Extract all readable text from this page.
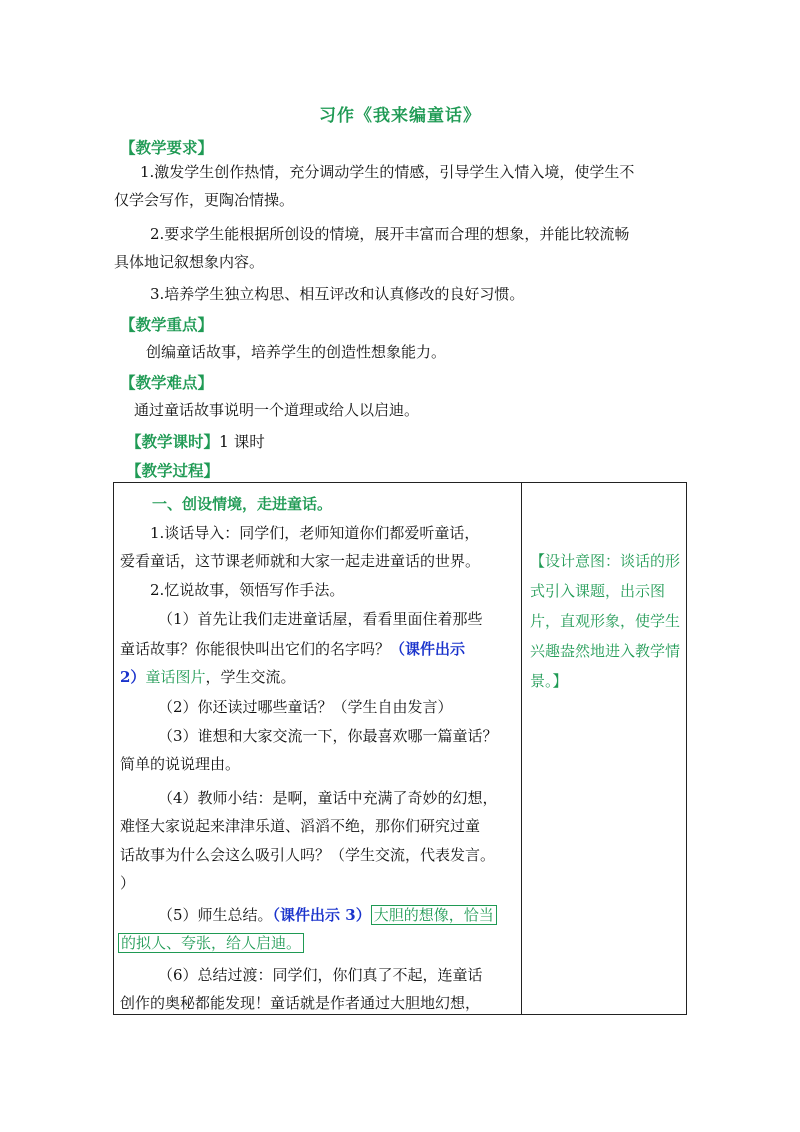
习作《我来编童话》
【教学要求】
1.激发学生创作热情，充分调动学生的情感，引导学生入情入境，使学生不
仅学会写作，更陶冶情操。
2.要求学生能根据所创设的情境，展开丰富而合理的想象，并能比较流畅
具体地记叙想象内容。
3.培养学生独立构思、相互评改和认真修改的良好习惯。
【教学重点】
创编童话故事，培养学生的创造性想象能力。
【教学难点】
通过童话故事说明一个道理或给人以启迪。
【教学课时】1 课时
【教学过程】
一、创设情境，走进童话。
1.谈话导入：同学们，老师知道你们都爱听童话，
爱看童话，这节课老师就和大家一起走进童话的世界。
2.忆说故事，领悟写作手法。
（1）首先让我们走进童话屋，看看里面住着那些
童话故事？你能很快叫出它们的名字吗？（课件出示
2）童话图片，学生交流。
（2）你还读过哪些童话？（学生自由发言）
（3）谁想和大家交流一下，你最喜欢哪一篇童话？
简单的说说理由。
（4）教师小结：是啊，童话中充满了奇妙的幻想，
难怪大家说起来津津乐道、滔滔不绝，那你们研究过童
话故事为什么会这么吸引人吗？（学生交流，代表发言。
）
（5）师生总结。（课件出示 3） 大胆的想像，恰当
的拟人、夸张，给人启迪。
（6）总结过渡：同学们，你们真了不起，连童话
创作的奥秘都能发现！童话就是作者通过大胆地幻想，

【设计意图：谈话的形式引入课题，出示图片，直观形象，使学生兴趣盎然地进入教学情景。】
